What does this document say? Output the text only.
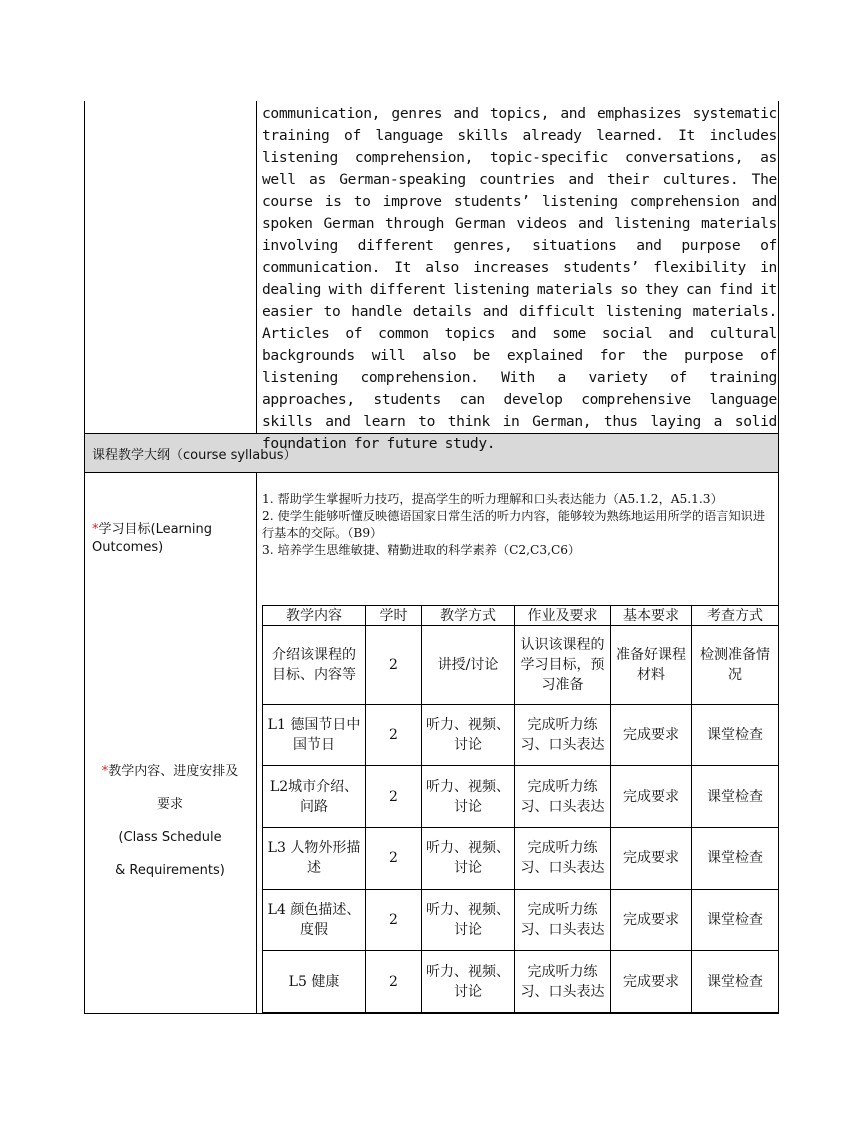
课程教学大纲（course syllabus）

communication, genres and topics, and emphasizes systematic training of language skills already learned. It includes listening comprehension, topic-specific conversations, as well as German-speaking countries and their cultures. The course is to improve students’ listening comprehension and spoken German through German videos and listening materials involving different genres, situations and purpose of communication. It also increases students’ flexibility in dealing with different listening materials so they can find it easier to handle details and difficult listening materials. Articles of common topics and some social and cultural backgrounds will also be explained for the purpose of listening comprehension. With a variety of training approaches, students can develop comprehensive language skills and learn to think in German, thus laying a solid foundation for future study.

*学习目标(Learning
Outcomes)
1. 帮助学生掌握听力技巧，提高学生的听力理解和口头表达能力（A5.1.2，A5.1.3）
2. 使学生能够听懂反映德语国家日常生活的听力内容，能够较为熟练地运用所学的语言知识进行基本的交际。（B9）
3. 培养学生思维敏捷、精勤进取的科学素养（C2,C3,C6）
*教学内容、进度安排及
要求
(Class Schedule
& Requirements)
教学内容	学时	教学方式	作业及要求	基本要求	考查方式
介绍该课程的目标、内容等	2	讲授/讨论	认识该课程的学习目标，预习准备	准备好课程材料	检测准备情况
L1 德国节日中国节日	2	听力、视频、讨论	完成听力练习、口头表达	完成要求	课堂检查
L2城市介绍、问路	2	听力、视频、讨论	完成听力练习、口头表达	完成要求	课堂检查
L3 人物外形描述	2	听力、视频、讨论	完成听力练习、口头表达	完成要求	课堂检查
L4 颜色描述、度假	2	听力、视频、讨论	完成听力练习、口头表达	完成要求	课堂检查
L5 健康	2	听力、视频、讨论	完成听力练习、口头表达	完成要求	课堂检查
